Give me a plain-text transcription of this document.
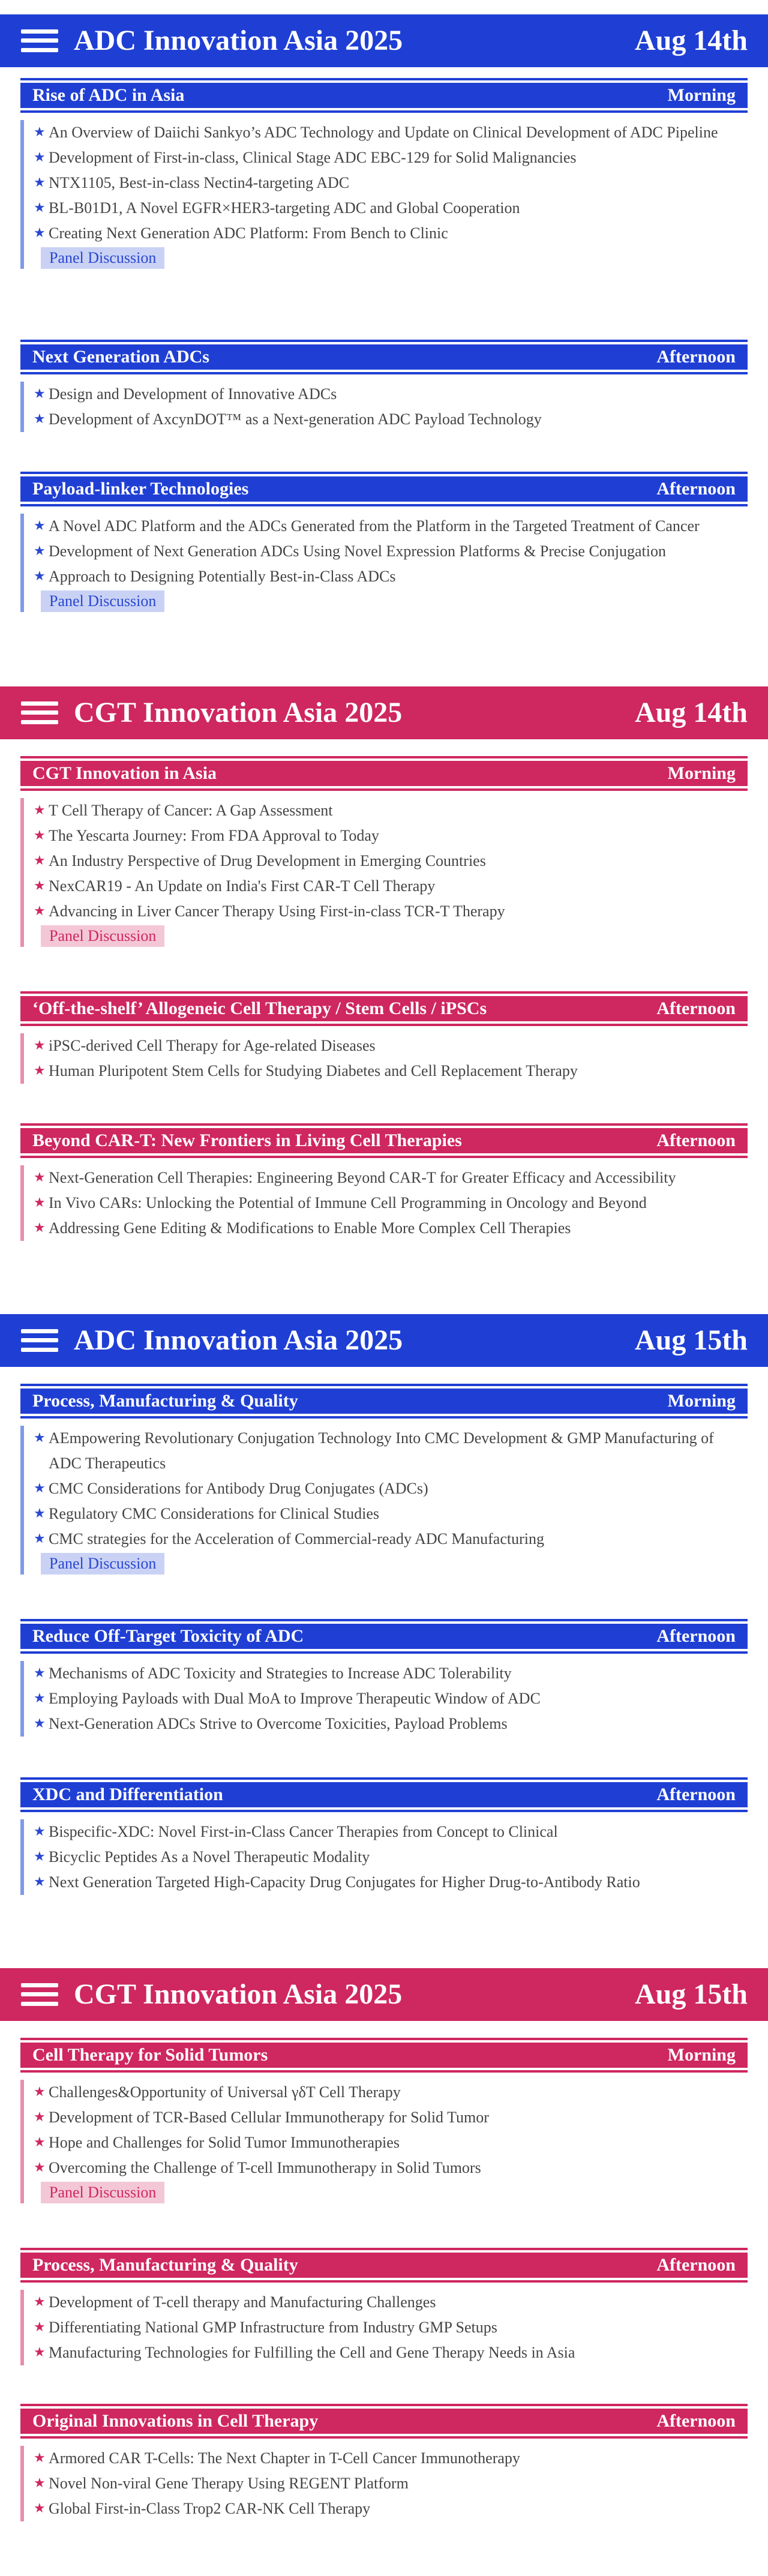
ADC Innovation Asia 2025	Aug 14th
Rise of ADC in Asia	Morning
★ An Overview of Daiichi Sankyo’s ADC Technology and Update on Clinical Development of ADC Pipeline
★ Development of First-in-class, Clinical Stage ADC EBC-129 for Solid Malignancies
★ NTX1105, Best-in-class Nectin4-targeting ADC
★ BL-B01D1, A Novel EGFR×HER3-targeting ADC and Global Cooperation
★ Creating Next Generation ADC Platform: From Bench to Clinic
Panel Discussion
Next Generation ADCs	Afternoon
★ Design and Development of Innovative ADCs
★ Development of AxcynDOT™ as a Next-generation ADC Payload Technology
Payload-linker Technologies	Afternoon
★ A Novel ADC Platform and the ADCs Generated from the Platform in the Targeted Treatment of Cancer
★ Development of Next Generation ADCs Using Novel Expression Platforms & Precise Conjugation
★ Approach to Designing Potentially Best-in-Class ADCs
Panel Discussion
CGT Innovation Asia 2025	Aug 14th
CGT Innovation in Asia	Morning
★ T Cell Therapy of Cancer: A Gap Assessment
★ The Yescarta Journey: From FDA Approval to Today
★ An Industry Perspective of Drug Development in Emerging Countries
★ NexCAR19 - An Update on India's First CAR-T Cell Therapy
★ Advancing in Liver Cancer Therapy Using First-in-class TCR-T Therapy
Panel Discussion
‘Off-the-shelf’ Allogeneic Cell Therapy / Stem Cells / iPSCs	Afternoon
★ iPSC-derived Cell Therapy for Age-related Diseases
★ Human Pluripotent Stem Cells for Studying Diabetes and Cell Replacement Therapy
Beyond CAR-T: New Frontiers in Living Cell Therapies	Afternoon
★ Next-Generation Cell Therapies: Engineering Beyond CAR-T for Greater Efficacy and Accessibility
★ In Vivo CARs: Unlocking the Potential of Immune Cell Programming in Oncology and Beyond
★ Addressing Gene Editing & Modifications to Enable More Complex Cell Therapies
ADC Innovation Asia 2025	Aug 15th
Process, Manufacturing & Quality	Morning
★ AEmpowering Revolutionary Conjugation Technology Into CMC Development & GMP Manufacturing of ADC Therapeutics
★ CMC Considerations for Antibody Drug Conjugates (ADCs)
★ Regulatory CMC Considerations for Clinical Studies
★ CMC strategies for the Acceleration of Commercial-ready ADC Manufacturing
Panel Discussion
Reduce Off-Target Toxicity of ADC	Afternoon
★ Mechanisms of ADC Toxicity and Strategies to Increase ADC Tolerability
★ Employing Payloads with Dual MoA to Improve Therapeutic Window of ADC
★ Next-Generation ADCs Strive to Overcome Toxicities, Payload Problems
XDC and Differentiation	Afternoon
★ Bispecific-XDC: Novel First-in-Class Cancer Therapies from Concept to Clinical
★ Bicyclic Peptides As a Novel Therapeutic Modality
★ Next Generation Targeted High-Capacity Drug Conjugates for Higher Drug-to-Antibody Ratio
CGT Innovation Asia 2025	Aug 15th
Cell Therapy for Solid Tumors	Morning
★ Challenges&Opportunity of Universal γδT Cell Therapy
★ Development of TCR-Based Cellular Immunotherapy for Solid Tumor
★ Hope and Challenges for Solid Tumor Immunotherapies
★ Overcoming the Challenge of T-cell Immunotherapy in Solid Tumors
Panel Discussion
Process, Manufacturing & Quality	Afternoon
★ Development of T-cell therapy and Manufacturing Challenges
★ Differentiating National GMP Infrastructure from Industry GMP Setups
★ Manufacturing Technologies for Fulfilling the Cell and Gene Therapy Needs in Asia
Original Innovations in Cell Therapy	Afternoon
★ Armored CAR T-Cells: The Next Chapter in T-Cell Cancer Immunotherapy
★ Novel Non-viral Gene Therapy Using REGENT Platform
★ Global First-in-Class Trop2 CAR-NK Cell Therapy
